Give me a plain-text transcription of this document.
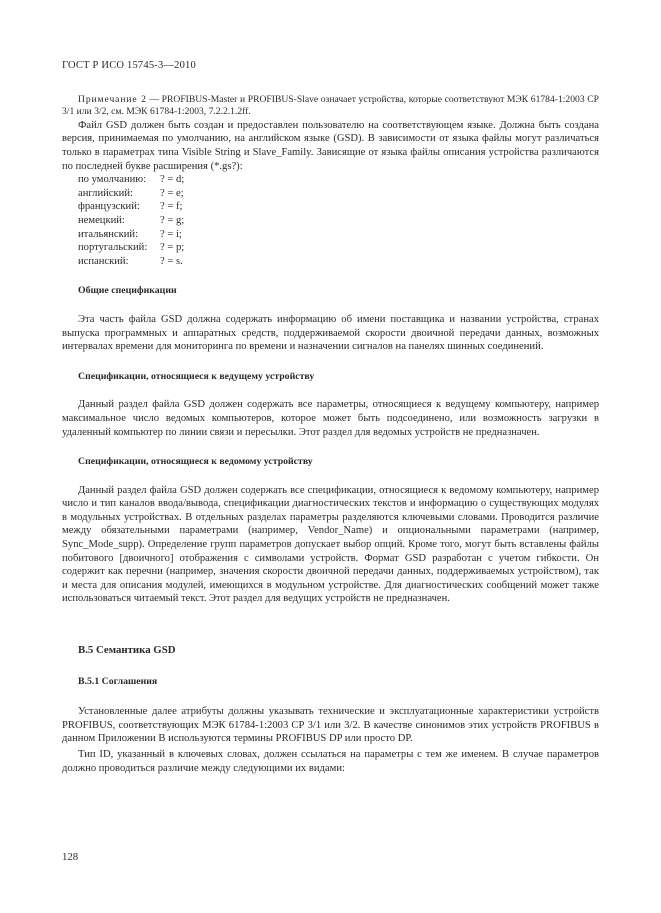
ГОСТ Р ИСО 15745-3—2010

Примечание 2 — PROFIBUS-Master и PROFIBUS-Slave означает устройства, которые соответствуют МЭК 61784-1:2003 СР 3/1 или 3/2, см. МЭК 61784-1:2003, 7.2.2.1.2ff.

Файл GSD должен быть создан и предоставлен пользователю на соответствующем языке. Должна быть создана версия, принимаемая по умолчанию, на английском языке (GSD). В зависимости от языка файлы могут различаться только в параметрах типа Visible String и Slave_Family. Зависящие от языка файлы описания устройства различаются по последней букве расширения (*.gs?):

по умолчанию: ? = d;
английский:	? = e;
французский: ? = f;
немецкий:	? = g;
итальянский: ? = i;
португальский: ? = p;
испанский:	? = s.
Общие спецификации

Эта часть файла GSD должна содержать информацию об имени поставщика и названии устройства, странах выпуска программных и аппаратных средств, поддерживаемой скорости двоичной передачи данных, возможных интервалах времени для мониторинга по времени и назначении сигналов на панелях шинных соединений.

Спецификации, относящиеся к ведущему устройству

Данный раздел файла GSD должен содержать все параметры, относящиеся к ведущему компьютеру, например максимальное число ведомых компьютеров, которое может быть подсоединено, или возможность загрузки в удаленный компьютер по линии связи и пересылки. Этот раздел для ведомых устройств не предназначен.

Спецификации, относящиеся к ведомому устройству

Данный раздел файла GSD должен содержать все спецификации, относящиеся к ведомому компьютеру, например число и тип каналов ввода/вывода, спецификации диагностических текстов и информацию о существующих модулях в модульных устройствах. В отдельных разделах параметры разделяются ключевыми словами. Проводится различие между обязательными параметрами (например, Vendor_Name) и опциональными параметрами (например, Sync_Mode_supp). Определение групп параметров допускает выбор опций. Кроме того, могут быть вставлены файлы побитового [двоичного] отображения с символами устройств. Формат GSD разработан с учетом гибкости. Он содержит как перечни (например, значения скорости двоичной передачи данных, поддерживаемых устройством), так и места для описания модулей, имеющихся в модульном устройстве. Для диагностических сообщений может также использоваться читаемый текст. Этот раздел для ведущих устройств не предназначен.

В.5 Семантика GSD
В.5.1 Соглашения

Установленные далее атрибуты должны указывать технические и эксплуатационные характеристики устройств PROFIBUS, соответствующих МЭК 61784-1:2003 СР 3/1 или 3/2. В качестве синонимов этих устройств PROFIBUS в данном Приложении В используются термины PROFIBUS DP или просто DP.

Тип ID, указанный в ключевых словах, должен ссылаться на параметры с тем же именем. В случае параметров должно проводиться различие между следующими их видами:

128
